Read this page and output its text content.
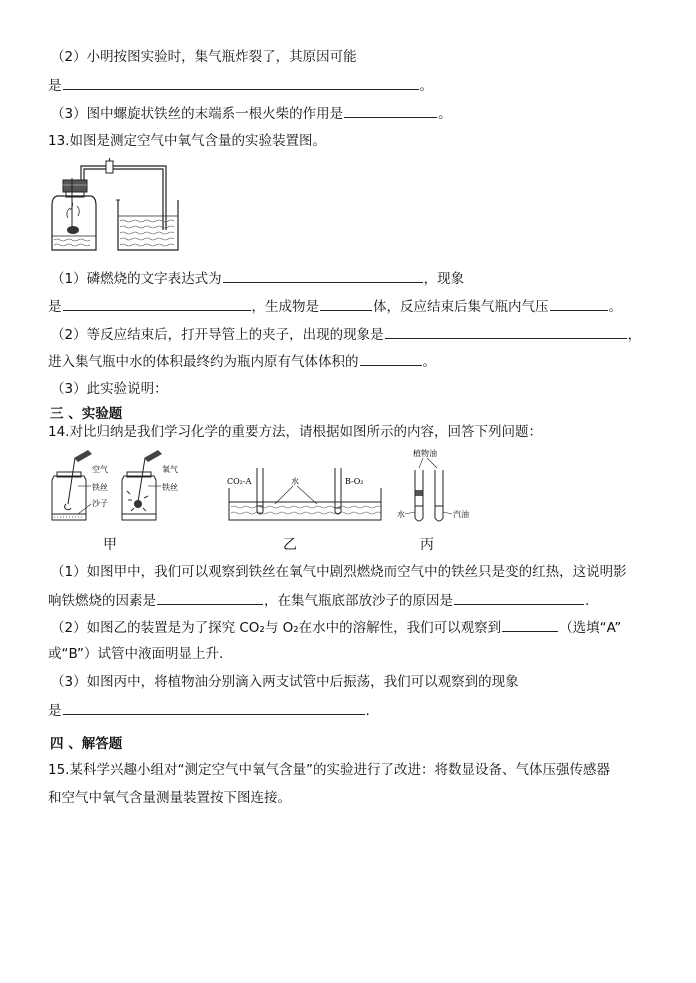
（2）小明按图实验时，集气瓶炸裂了，其原因可能
是	。
（3）图中螺旋状铁丝的末端系一根火柴的作用是	。
13.如图是测定空气中氧气含量的实验装置图。
（1）磷燃烧的文字表达式为	，现象
是	，生成物是	体，反应结束后集气瓶内气压	。
（2）等反应结束后，打开导管上的夹子，出现的现象是	，
进入集气瓶中水的体积最终约为瓶内原有气体体积的	。
（3）此实验说明：
三 、实验题
14.对比归纳是我们学习化学的重要方法，请根据如图所示的内容，回答下列问题：
空气
铁丝
沙子
氧气
铁丝
甲
CO₂-A	水	B-O₂
乙
植物油
水	汽油
丙
（1）如图甲中，我们可以观察到铁丝在氧气中剧烈燃烧而空气中的铁丝只是变的红热，这说明影
响铁燃烧的因素是	，在集气瓶底部放沙子的原因是	.
（2）如图乙的装置是为了探究 CO₂与 O₂在水中的溶解性，我们可以观察到	（选填“A”
或“B”）试管中液面明显上升.
（3）如图丙中，将植物油分别滴入两支试管中后振荡，我们可以观察到的现象
是	.
四 、解答题
15.某科学兴趣小组对“测定空气中氧气含量”的实验进行了改进：将数显设备、气体压强传感器
和空气中氧气含量测量装置按下图连接。
